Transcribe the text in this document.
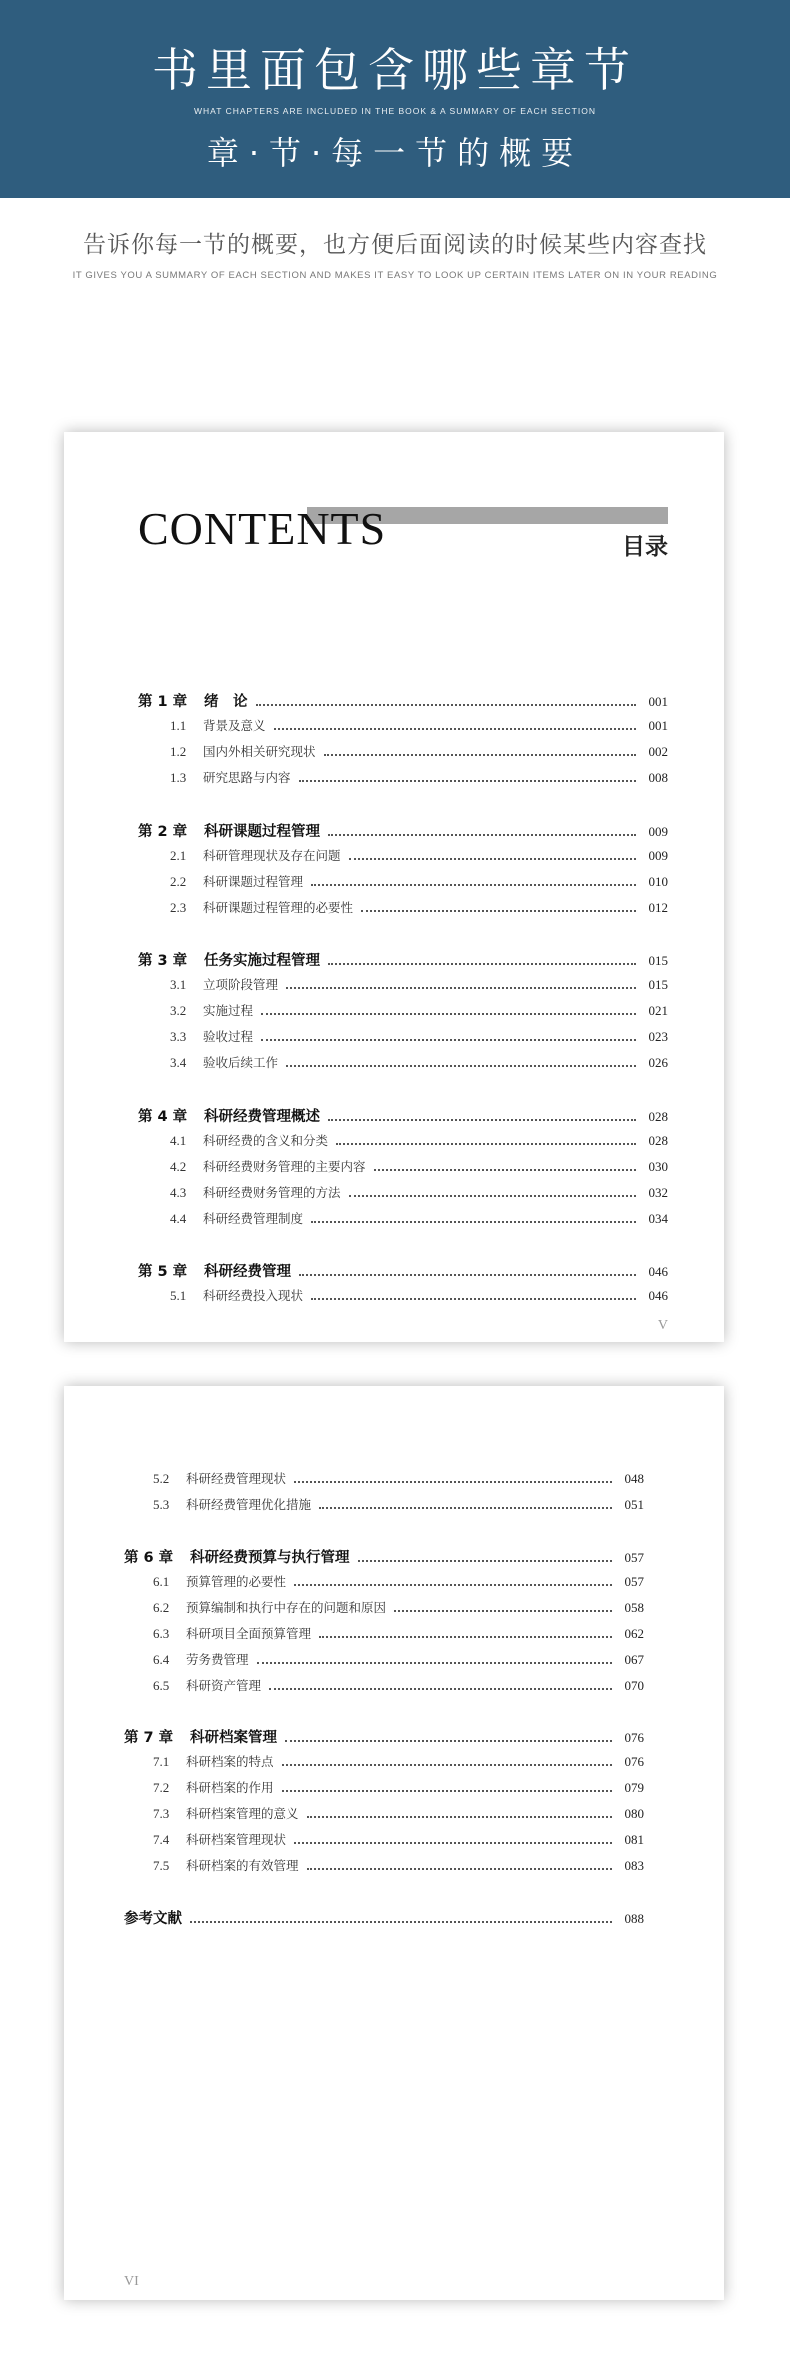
书里面包含哪些章节
WHAT CHAPTERS ARE INCLUDED IN THE BOOK & A SUMMARY OF EACH SECTION
章·节·每一节的概要
告诉你每一节的概要，也方便后面阅读的时候某些内容查找
IT GIVES YOU A SUMMARY OF EACH SECTION AND MAKES IT EASY TO LOOK UP CERTAIN ITEMS LATER ON IN YOUR READING
CONTENTS	目录
V
第 1 章	绪　论	001
1.1	背景及意义	001
1.2	国内外相关研究现状	002
1.3	研究思路与内容	008
第 2 章	科研课题过程管理	009
2.1	科研管理现状及存在问题	009
2.2	科研课题过程管理	010
2.3	科研课题过程管理的必要性	012
第 3 章	任务实施过程管理	015
3.1	立项阶段管理	015
3.2	实施过程	021
3.3	验收过程	023
3.4	验收后续工作	026
第 4 章	科研经费管理概述	028
4.1	科研经费的含义和分类	028
4.2	科研经费财务管理的主要内容	030
4.3	科研经费财务管理的方法	032
4.4	科研经费管理制度	034
第 5 章	科研经费管理	046
5.1	科研经费投入现状	046
VI
5.2	科研经费管理现状	048
5.3	科研经费管理优化措施	051
第 6 章	科研经费预算与执行管理	057
6.1	预算管理的必要性	057
6.2	预算编制和执行中存在的问题和原因	058
6.3	科研项目全面预算管理	062
6.4	劳务费管理	067
6.5	科研资产管理	070
第 7 章	科研档案管理	076
7.1	科研档案的特点	076
7.2	科研档案的作用	079
7.3	科研档案管理的意义	080
7.4	科研档案管理现状	081
7.5	科研档案的有效管理	083
参考文献	088
